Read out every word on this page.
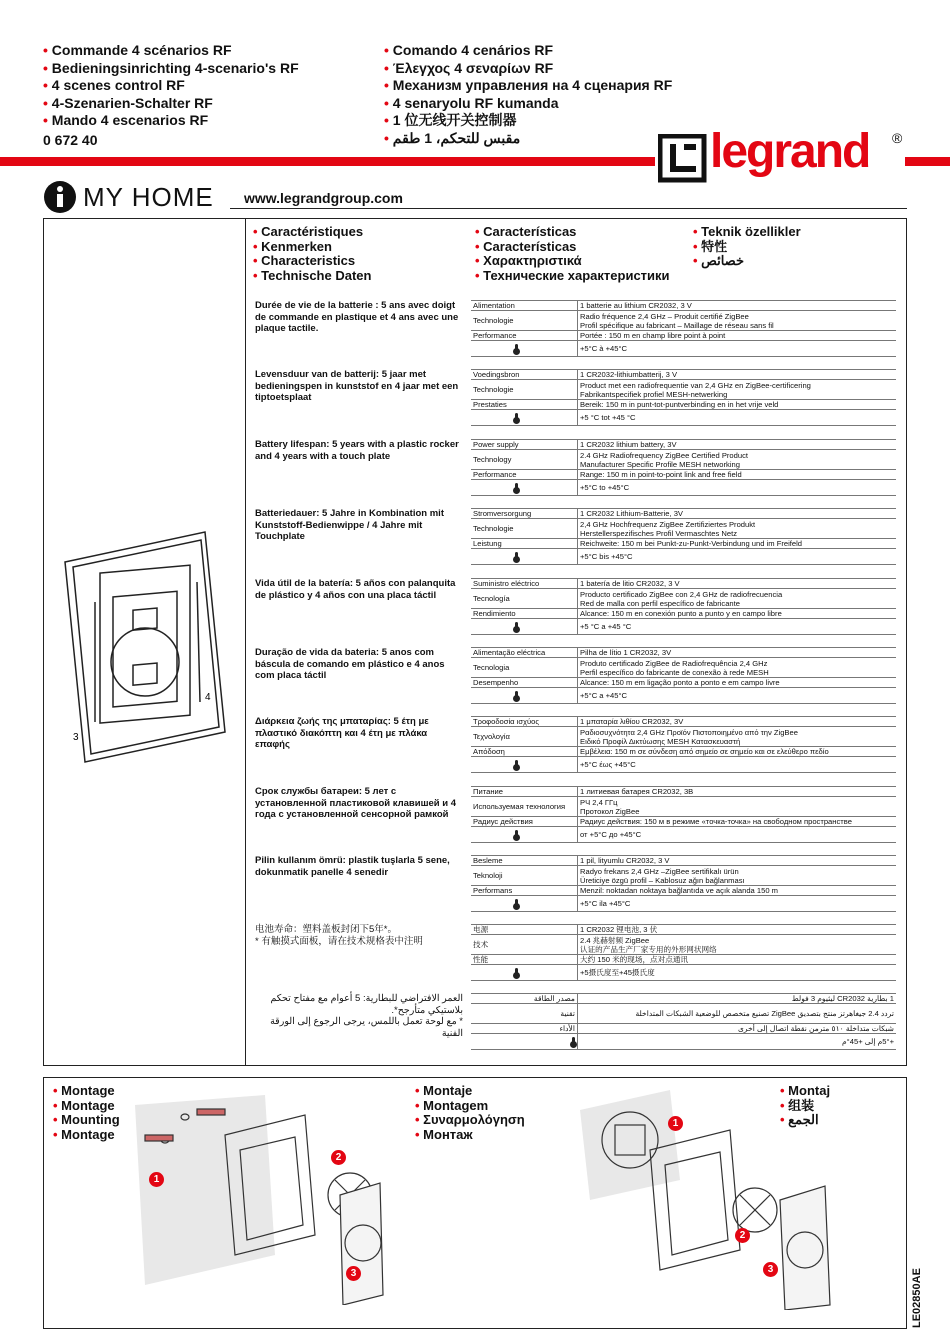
• Commande 4 scénarios RF
• Bedieningsinrichting 4-scenario's RF
• 4 scenes control RF
• 4-Szenarien-Schalter RF
• Mando 4 escenarios RF
0 672 40
• Comando 4 cenários RF
• Έλεγχος 4 σεναρίων RF
• Механизм управления на 4 сценария RF
• 4 senaryolu RF kumanda
• 1 位无线开关控制器
• مقبس للتحكم، 1 طقم	legrand ®
MY HOME www.legrandgroup.com
• Caractéristiques
• Kenmerken
• Characteristics
• Technische Daten
• Características
• Características
• Χαρακτηριστικά
• Технические характеристики
• Teknik özellikler
• 特性
• خصائص
3
4
Durée de vie de la batterie : 5 ans avec doigt de commande en plastique et 4 ans avec une plaque tactile.
Alimentation	1 batterie au lithium CR2032, 3 V
Technologie	Radio fréquence 2,4 GHz – Produit certifié ZigBee
Profil spécifique au fabricant – Maillage de réseau sans fil
Performance	Portée : 150 m en champ libre point à point
	+5°C à +45°C
Levensduur van de batterij: 5 jaar met bedieningspen in kunststof en 4 jaar met een tiptoetsplaat
Voedingsbron	1 CR2032-lithiumbatterij, 3 V
Technologie	Product met een radiofrequentie van 2,4 GHz en ZigBee-certificering
Fabrikantspecifiek profiel MESH-netwerking
Prestaties	Bereik: 150 m in punt-tot-puntverbinding en in het vrije veld
	+5 °C tot +45 °C
Battery lifespan: 5 years with a plastic rocker and 4 years with a touch plate
Power supply	1 CR2032 lithium battery, 3V
Technology	2.4 GHz Radiofrequency ZigBee Certified Product
Manufacturer Specific Profile MESH networking
Performance	Range: 150 m in point-to-point link and free field
	+5°C to +45°C
Batteriedauer: 5 Jahre in Kombination mit Kunststoff-Bedienwippe / 4 Jahre mit Touchplate
Stromversorgung	1 CR2032 Lithium-Batterie, 3V
Technologie	2,4 GHz Hochfrequenz ZigBee Zertifiziertes Produkt
Herstellerspezifisches Profil Vermaschtes Netz
Leistung	Reichweite: 150 m bei Punkt-zu-Punkt-Verbindung und im Freifeld
	+5°C bis +45°C
Vida útil de la batería: 5 años con palanquita de plástico y 4 años con una placa táctil
Suministro eléctrico	1 batería de litio CR2032, 3 V
Tecnología	Producto certificado ZigBee con 2,4 GHz de radiofrecuencia
Red de malla con perfil específico de fabricante
Rendimiento	Alcance: 150 m en conexión punto a punto y en campo libre
	+5 °C a +45 °C
Duração de vida da bateria: 5 anos com báscula de comando em plástico e 4 anos com placa táctil
Alimentação eléctrica	Pilha de lítio 1 CR2032, 3V
Tecnologia	Produto certificado ZigBee de Radiofrequência 2,4 GHz
Perfil específico do fabricante de conexão à rede MESH
Desempenho	Alcance: 150 m em ligação ponto a ponto e em campo livre
	+5°C a +45°C
Διάρκεια ζωής της μπαταρίας: 5 έτη με πλαστικό διακόπτη και 4 έτη με πλάκα επαφής
Τροφοδοσία ισχύος	1 μπαταρία λιθίου CR2032, 3V
Τεχνολογία	Ραδιοσυχνότητα 2,4 GHz Προϊόν Πιστοποιημένο από την ZigBee
Ειδικό Προφίλ Δικτύωσης MESH Κατασκευαστή
Απόδοση	Εμβέλεια: 150 m σε σύνδεση από σημείο σε σημείο και σε ελεύθερο πεδίο
	+5°C έως +45°C
Срок службы батареи: 5 лет с установленной пластиковой клавишей и 4 года с установленной сенсорной рамкой
Питание	1 литиевая батарея CR2032, 3В
Используемая технология	РЧ 2,4 ГГц
Протокол ZigBee
Радиус действия	Радиус действия: 150 м в режиме «точка-точка» на свободном пространстве
	от +5°C до +45°C
Pilin kullanım ömrü: plastik tuşlarla 5 sene, dokunmatik panelle 4 senedir
Besleme	1 pil, lityumlu CR2032, 3 V
Teknoloji	Radyo frekans 2,4 GHz –ZigBee sertifikalı ürün
Üreticiye özgü profil – Kablosuz ağın bağlanması
Performans	Menzil: noktadan noktaya bağlantıda ve açık alanda 150 m
	+5°C ila +45°C
电池寿命：塑料盖板封闭下5年*。
* 有触摸式面板，请在技术规格表中注明
电源	1 CR2032 锂电池, 3 伏
技术	2.4 兆赫射频 ZigBee
认证的产品生产厂家专用的外形网状网络
性能	大约 150 米的现场，点对点通讯
	+5摄氏度至+45摄氏度
العمر الافتراضي للبطارية: 5 أعوام مع مفتاح تحكم بلاستيكي متأرجح*.
* مع لوحة تعمل باللمس، يرجى الرجوع إلى الورقة الفنية
مصدر الطاقة	1 بطارية CR2032 ليثيوم 3 فولط
تقنية	تردد 2.4 جيغاهرتز منتج بتصديق ZigBee تصنيع متخصص للوضعية الشبكات المتداخلة
الأداء	شبكات متداخلة ٥١٠ مترمن نقطة اتصال إلى أخرى
	+5°م إلى +45°م
• Montage
• Montage
• Mounting
• Montage
• Montaje
• Montagem
• Συναρμολόγηση
• Монтаж
• Montaj
• 组装
• الجمع
1
2
3
1
2
3	LE02850AE
